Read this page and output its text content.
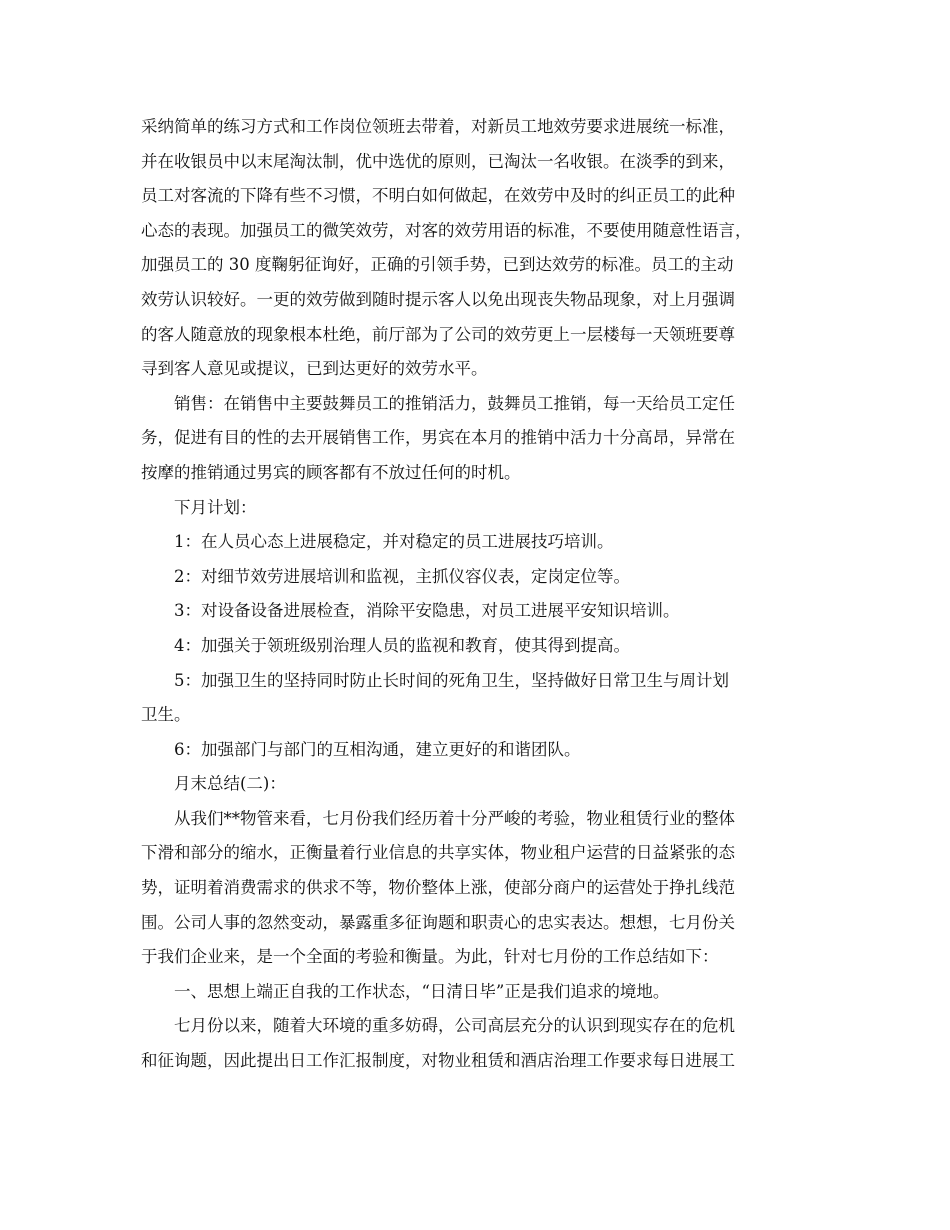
采纳简单的练习方式和工作岗位领班去带着，对新员工地效劳要求进展统一标准，

并在收银员中以末尾淘汰制，优中选优的原则，已淘汰一名收银。在淡季的到来，

员工对客流的下降有些不习惯，不明白如何做起，在效劳中及时的纠正员工的此种

心态的表现。加强员工的微笑效劳，对客的效劳用语的标准，不要使用随意性语言，

加强员工的 30 度鞠躬征询好，正确的引领手势，已到达效劳的标准。员工的主动

效劳认识较好。一更的效劳做到随时提示客人以免出现丧失物品现象，对上月强调

的客人随意放的现象根本杜绝，前厅部为了公司的效劳更上一层楼每一天领班要尊

寻到客人意见或提议，已到达更好的效劳水平。

销售：在销售中主要鼓舞员工的推销活力，鼓舞员工推销，每一天给员工定任

务，促进有目的性的去开展销售工作，男宾在本月的推销中活力十分高昂，异常在

按摩的推销通过男宾的顾客都有不放过任何的时机。

下月计划：

1：在人员心态上进展稳定，并对稳定的员工进展技巧培训。

2：对细节效劳进展培训和监视，主抓仪容仪表，定岗定位等。

3：对设备设备进展检查，消除平安隐患，对员工进展平安知识培训。

4：加强关于领班级别治理人员的监视和教育，使其得到提高。

5：加强卫生的坚持同时防止长时间的死角卫生，坚持做好日常卫生与周计划

卫生。

6：加强部门与部门的互相沟通，建立更好的和谐团队。

月末总结(二)：

从我们**物管来看，七月份我们经历着十分严峻的考验，物业租赁行业的整体

下滑和部分的缩水，正衡量着行业信息的共享实体，物业租户运营的日益紧张的态

势，证明着消费需求的供求不等，物价整体上涨，使部分商户的运营处于挣扎线范

围。公司人事的忽然变动，暴露重多征询题和职责心的忠实表达。想想，七月份关

于我们企业来，是一个全面的考验和衡量。为此，针对七月份的工作总结如下：

一、思想上端正自我的工作状态，“日清日毕”正是我们追求的境地。

七月份以来，随着大环境的重多妨碍，公司高层充分的认识到现实存在的危机

和征询题，因此提出日工作汇报制度，对物业租赁和酒店治理工作要求每日进展工
